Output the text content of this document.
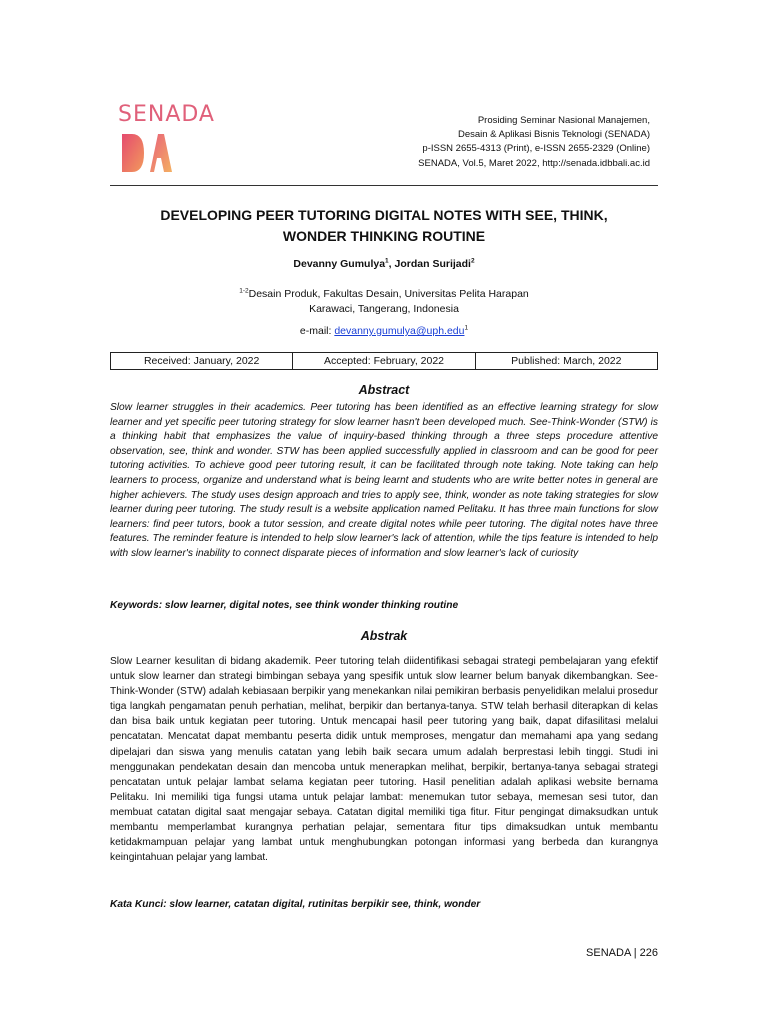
SENADA	Prosiding Seminar Nasional Manajemen,
Desain & Aplikasi Bisnis Teknologi (SENADA)
p-ISSN 2655-4313 (Print), e-ISSN 2655-2329 (Online)
SENADA, Vol.5, Maret 2022, http://senada.idbbali.ac.id
DEVELOPING PEER TUTORING DIGITAL NOTES WITH SEE, THINK,
WONDER THINKING ROUTINE
Devanny Gumulya$^1$, Jordan Surijadi$^2$
$^{1-2}$Desain Produk, Fakultas Desain, Universitas Pelita Harapan
Karawaci, Tangerang, Indonesia
e-mail: devanny.gumulya@uph.edu$^1$
Received: January, 2022	Accepted: February, 2022	Published: March, 2022
Abstract
Slow learner struggles in their academics. Peer tutoring has been identified as an effective learning strategy for slow learner and yet specific peer tutoring strategy for slow learner hasn't been developed much. See-Think-Wonder (STW) is a thinking habit that emphasizes the value of inquiry-based thinking through a three steps procedure attentive observation, see, think and wonder. STW has been applied successfully applied in classroom and can be good for peer tutoring activities. To achieve good peer tutoring result, it can be facilitated through note taking. Note taking can help learners to process, organize and understand what is being learnt and students who are write better notes in general are higher achievers. The study uses design approach and tries to apply see, think, wonder as note taking strategies for slow learner during peer tutoring. The study result is a website application named Pelitaku. It has three main functions for slow learners: find peer tutors, book a tutor session, and create digital notes while peer tutoring. The digital notes have three features. The reminder feature is intended to help slow learner's lack of attention, while the tips feature is intended to help with slow learner's inability to connect disparate pieces of information and slow learner's lack of curiosity
Keywords: slow learner, digital notes, see think wonder thinking routine
Abstrak
Slow Learner kesulitan di bidang akademik. Peer tutoring telah diidentifikasi sebagai strategi pembelajaran yang efektif untuk slow learner dan strategi bimbingan sebaya yang spesifik untuk slow learner belum banyak dikembangkan. See-Think-Wonder (STW) adalah kebiasaan berpikir yang menekankan nilai pemikiran berbasis penyelidikan melalui prosedur tiga langkah pengamatan penuh perhatian, melihat, berpikir dan bertanya-tanya. STW telah berhasil diterapkan di kelas dan bisa baik untuk kegiatan peer tutoring. Untuk mencapai hasil peer tutoring yang baik, dapat difasilitasi melalui pencatatan. Mencatat dapat membantu peserta didik untuk memproses, mengatur dan memahami apa yang sedang dipelajari dan siswa yang menulis catatan yang lebih baik secara umum adalah berprestasi lebih tinggi. Studi ini menggunakan pendekatan desain dan mencoba untuk menerapkan melihat, berpikir, bertanya-tanya sebagai strategi pencatatan untuk pelajar lambat selama kegiatan peer tutoring. Hasil penelitian adalah aplikasi website bernama Pelitaku. Ini memiliki tiga fungsi utama untuk pelajar lambat: menemukan tutor sebaya, memesan sesi tutor, dan membuat catatan digital saat mengajar sebaya. Catatan digital memiliki tiga fitur. Fitur pengingat dimaksudkan untuk membantu memperlambat kurangnya perhatian pelajar, sementara fitur tips dimaksudkan untuk membantu ketidakmampuan pelajar yang lambat untuk menghubungkan potongan informasi yang berbeda dan kurangnya keingintahuan pelajar yang lambat.
Kata Kunci: slow learner, catatan digital, rutinitas berpikir see, think, wonder
SENADA | 226
